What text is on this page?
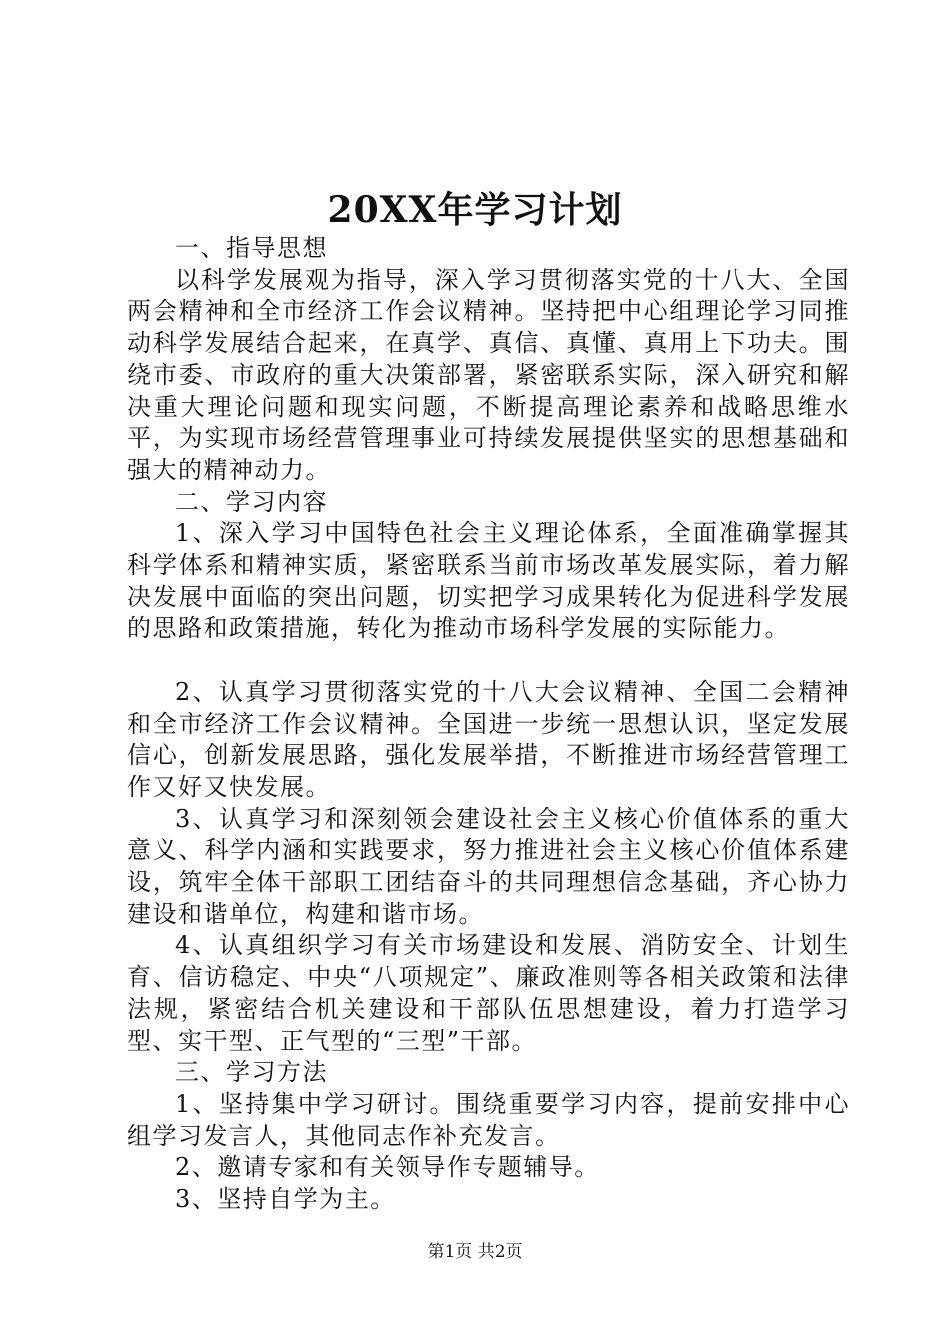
20XX年学习计划

一、指导思想

以科学发展观为指导，深入学习贯彻落实党的十八大、全国两会精神和全市经济工作会议精神。坚持把中心组理论学习同推动科学发展结合起来，在真学、真信、真懂、真用上下功夫。围绕市委、市政府的重大决策部署，紧密联系实际，深入研究和解决重大理论问题和现实问题，不断提高理论素养和战略思维水平，为实现市场经营管理事业可持续发展提供坚实的思想基础和强大的精神动力。

二、学习内容

1、深入学习中国特色社会主义理论体系，全面准确掌握其科学体系和精神实质，紧密联系当前市场改革发展实际，着力解决发展中面临的突出问题，切实把学习成果转化为促进科学发展的思路和政策措施，转化为推动市场科学发展的实际能力。

2、认真学习贯彻落实党的十八大会议精神、全国二会精神和全市经济工作会议精神。全国进一步统一思想认识，坚定发展信心，创新发展思路，强化发展举措，不断推进市场经营管理工作又好又快发展。

3、认真学习和深刻领会建设社会主义核心价值体系的重大意义、科学内涵和实践要求，努力推进社会主义核心价值体系建设，筑牢全体干部职工团结奋斗的共同理想信念基础，齐心协力建设和谐单位，构建和谐市场。

4、认真组织学习有关市场建设和发展、消防安全、计划生育、信访稳定、中央“八项规定”、廉政准则等各相关政策和法律法规，紧密结合机关建设和干部队伍思想建设，着力打造学习型、实干型、正气型的“三型”干部。

三、学习方法

1、坚持集中学习研讨。围绕重要学习内容，提前安排中心组学习发言人，其他同志作补充发言。

2、邀请专家和有关领导作专题辅导。

3、坚持自学为主。

第1页 共2页
